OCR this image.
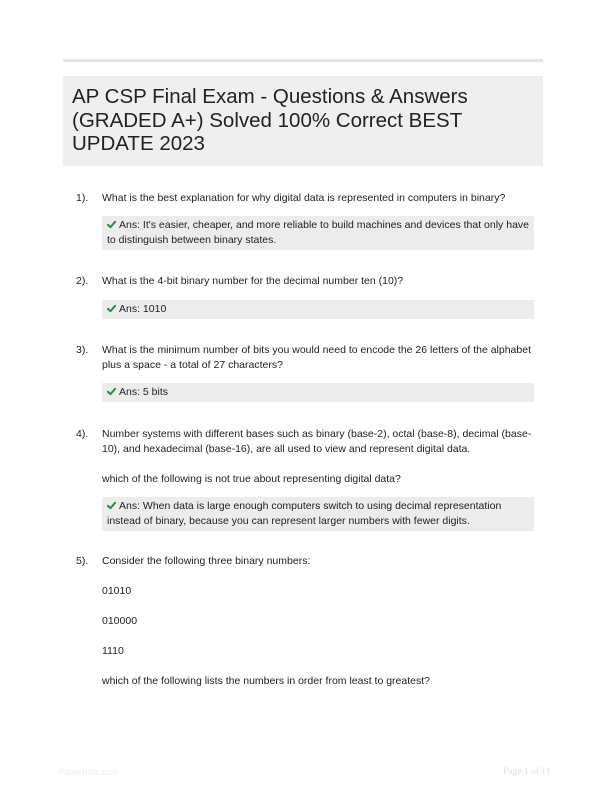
AP CSP Final Exam - Questions & Answers (GRADED A+) Solved 100% Correct BEST UPDATE 2023
1). What is the best explanation for why digital data is represented in computers in binary?
Ans: It's easier, cheaper, and more reliable to build machines and devices that only have to distinguish between binary states.
2). What is the 4-bit binary number for the decimal number ten (10)?
Ans: 1010
3). What is the minimum number of bits you would need to encode the 26 letters of the alphabet plus a space - a total of 27 characters?
Ans: 5 bits
4). Number systems with different bases such as binary (base-2), octal (base-8), decimal (base-10), and hexadecimal (base-16), are all used to view and represent digital data.
which of the following is not true about representing digital data?
Ans: When data is large enough computers switch to using decimal representation instead of binary, because you can represent larger numbers with fewer digits.
5). Consider the following three binary numbers:
01010
010000
1110
which of the following lists the numbers in order from least to greatest?
PaperBlitz.com	Page 1 of 11
